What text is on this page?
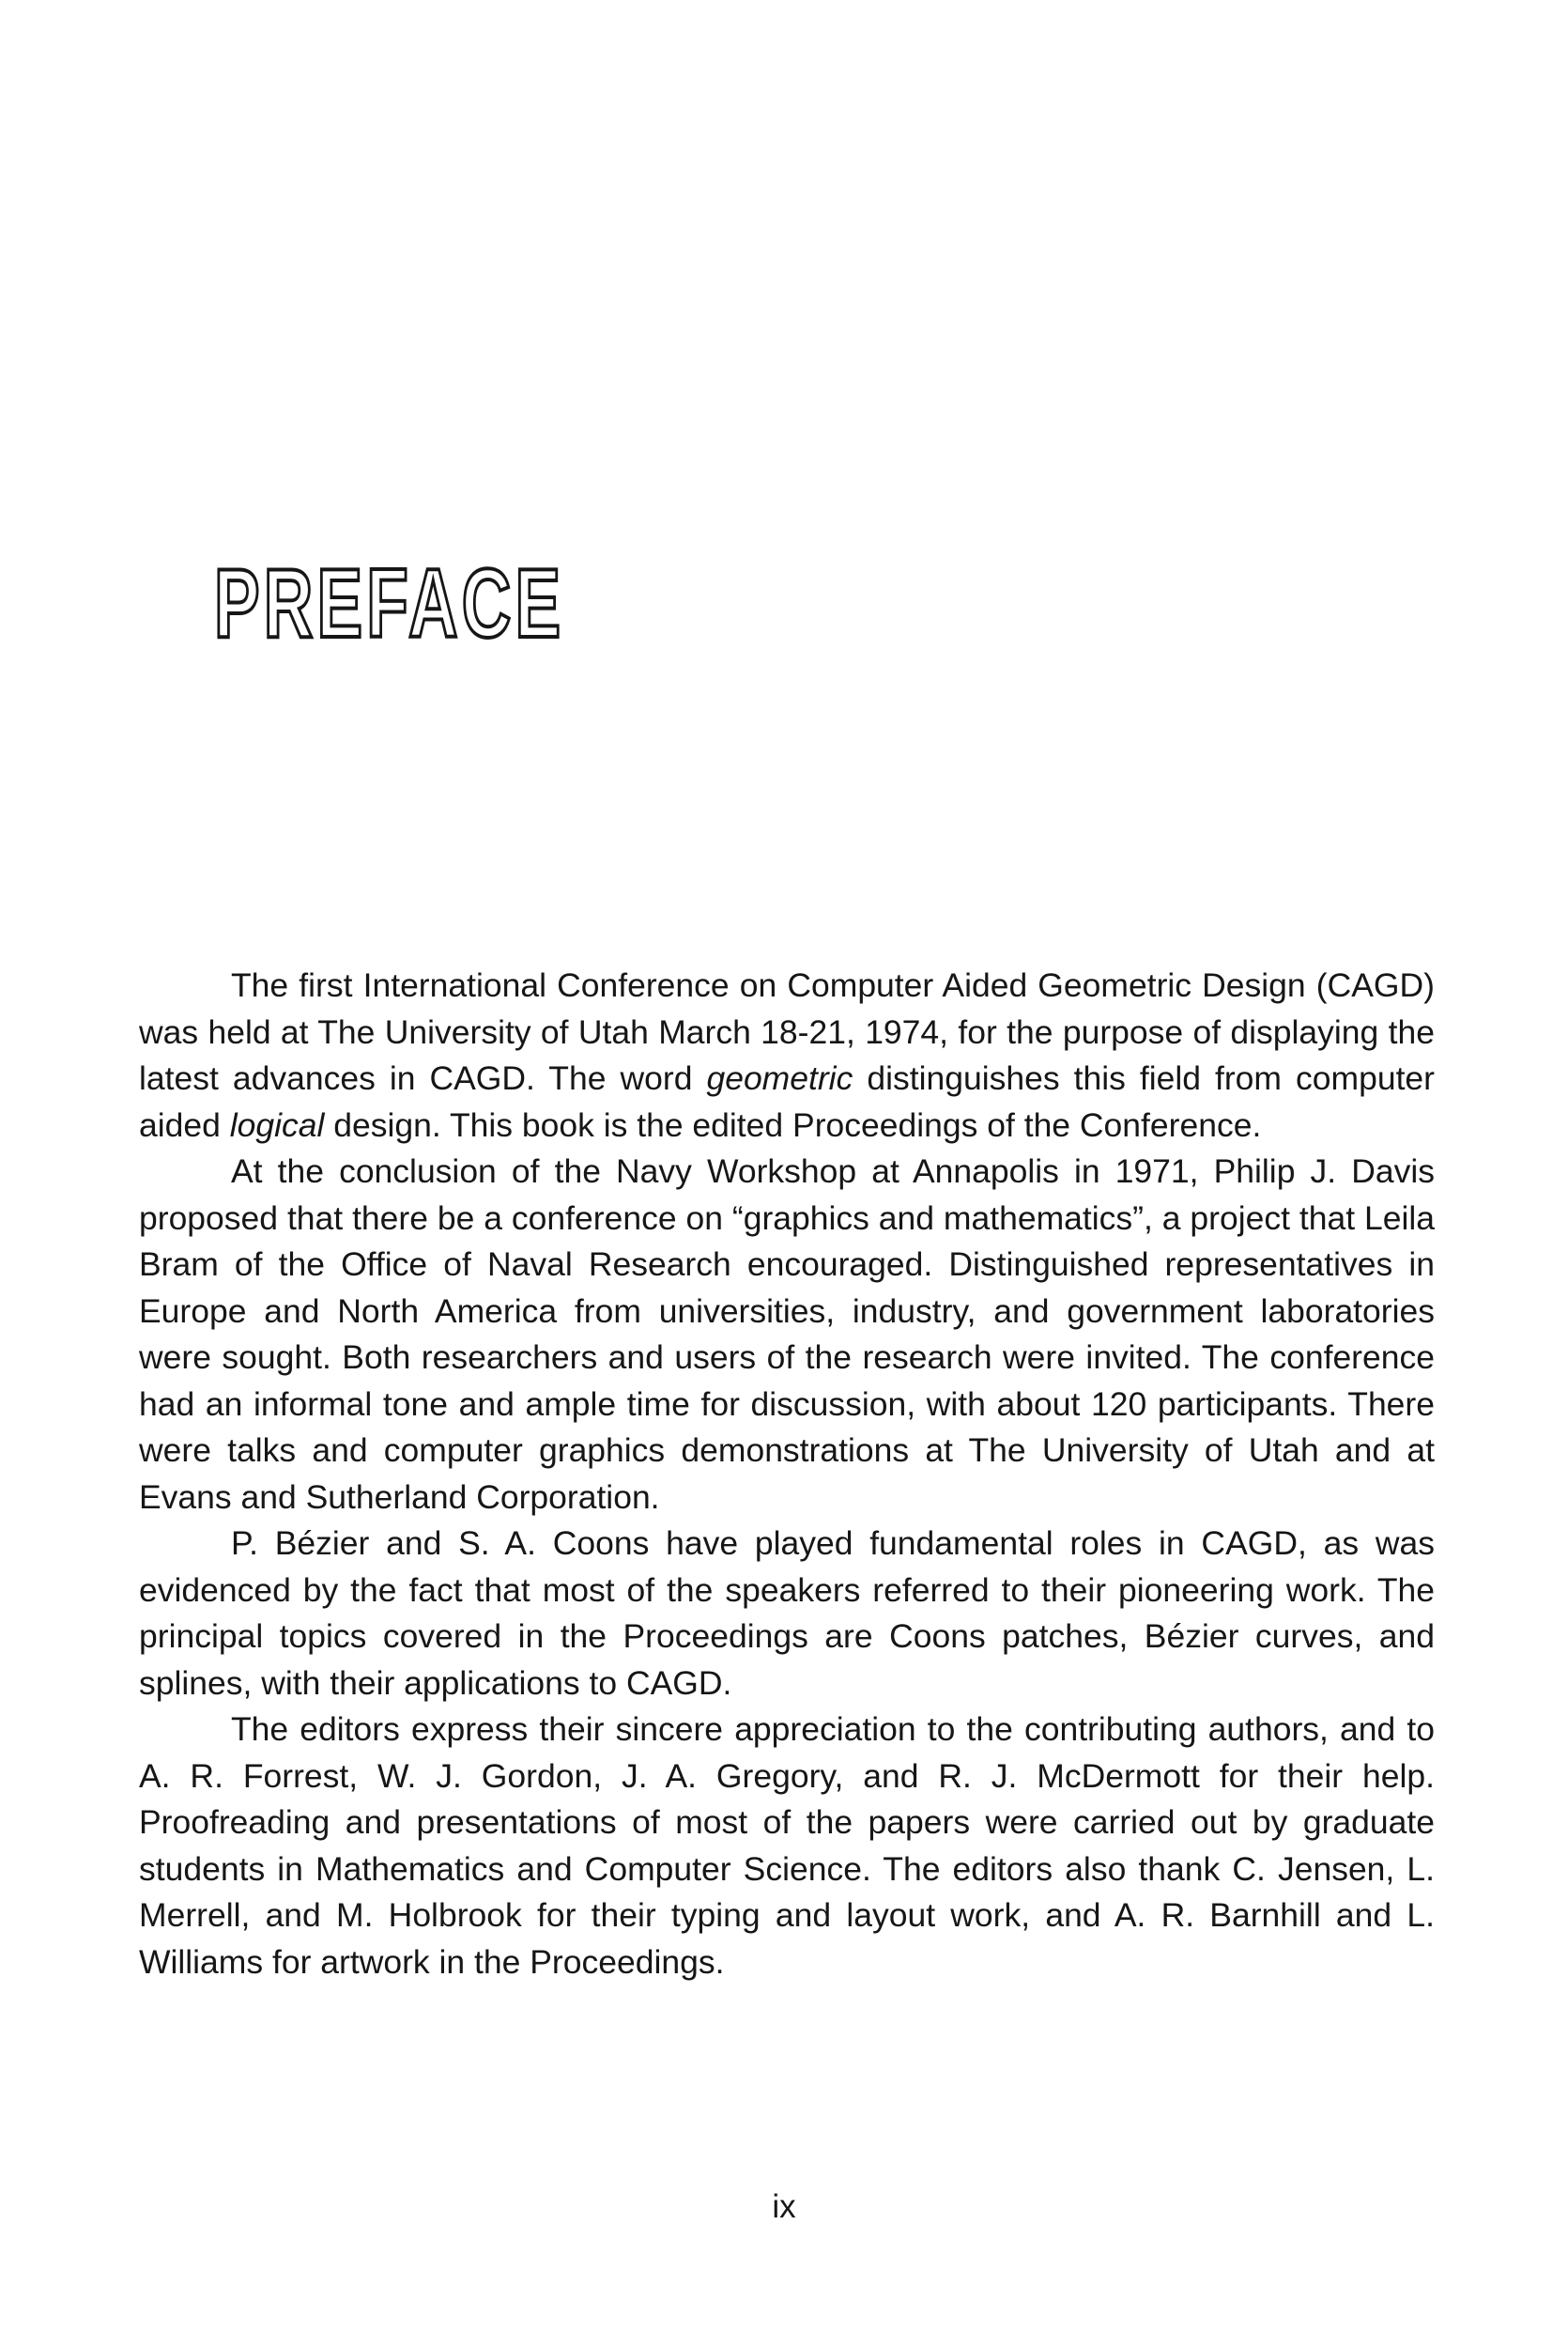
PREFACE

The first International Conference on Computer Aided Geometric Design (CAGD) was held at The University of Utah March 18-21, 1974, for the purpose of displaying the latest advances in CAGD. The word geometric distinguishes this field from computer aided logical design. This book is the edited Proceedings of the Conference.

At the conclusion of the Navy Workshop at Annapolis in 1971, Philip J. Davis proposed that there be a conference on “graphics and mathematics”, a project that Leila Bram of the Office of Naval Research encouraged. Distinguished representatives in Europe and North America from universities, industry, and government laboratories were sought. Both researchers and users of the research were invited. The conference had an informal tone and ample time for discussion, with about 120 participants. There were talks and computer graphics demonstrations at The University of Utah and at Evans and Sutherland Corporation.

P. Bézier and S. A. Coons have played fundamental roles in CAGD, as was evidenced by the fact that most of the speakers referred to their pioneering work. The principal topics covered in the Proceedings are Coons patches, Bézier curves, and splines, with their applications to CAGD.

The editors express their sincere appreciation to the contributing authors, and to A. R. Forrest, W. J. Gordon, J. A. Gregory, and R. J. McDermott for their help. Proofreading and presentations of most of the papers were carried out by graduate students in Mathematics and Computer Science. The editors also thank C. Jensen, L. Merrell, and M. Holbrook for their typing and layout work, and A. R. Barnhill and L. Williams for artwork in the Proceedings.

ix
